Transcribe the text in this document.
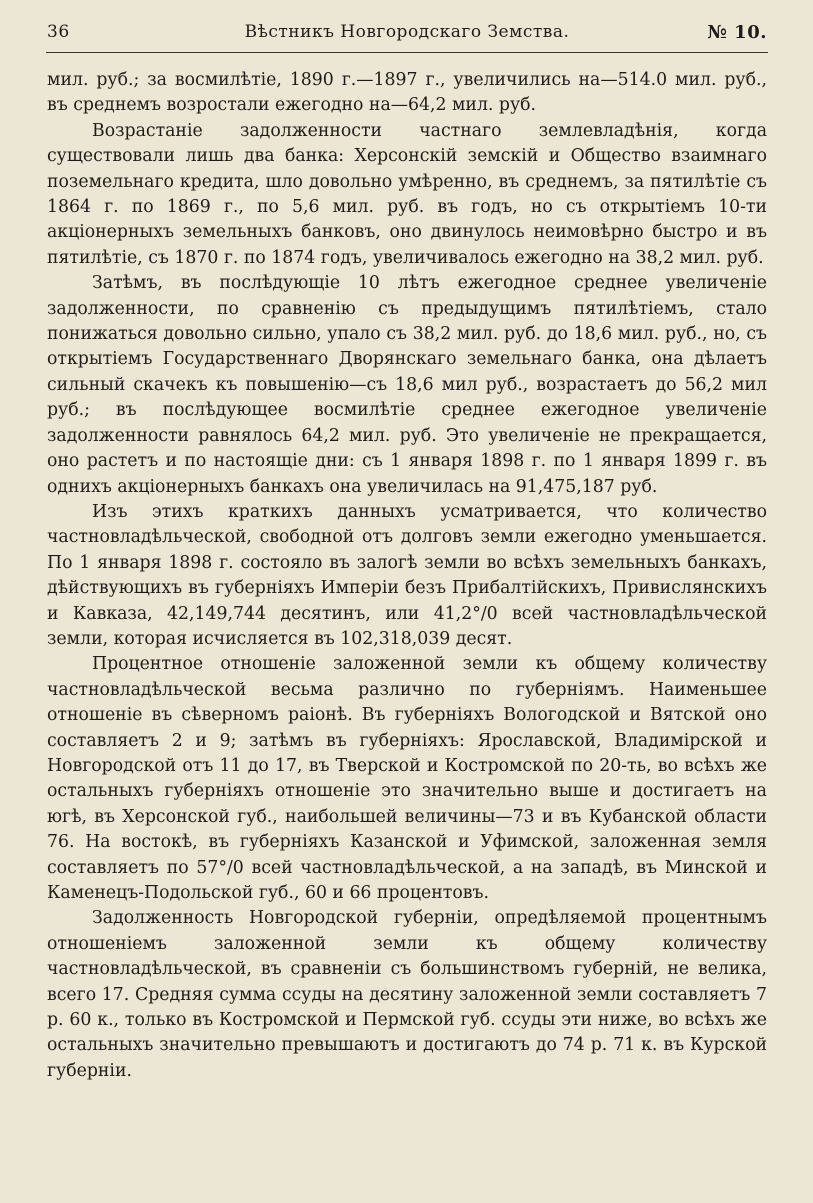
36	Вѣстникъ Новгородскаго Земства.	№ 10.

мил. руб.; за восмилѣтіе, 1890 г.—1897 г., увеличились на—514.0 мил. руб., въ среднемъ возростали ежегодно на—64,2 мил. руб.

Возрастаніе задолженности частнаго землевладѣнія, когда существовали лишь два банка: Херсонскій земскій и Общество взаимнаго поземельнаго кредита, шло довольно умѣренно, въ среднемъ, за пятилѣтіе съ 1864 г. по 1869 г., по 5,6 мил. руб. въ годъ, но съ открытіемъ 10-ти акціонерныхъ земельныхъ банковъ, оно двинулось неимовѣрно быстро и въ пятилѣтіе, съ 1870 г. по 1874 годъ, увеличивалось ежегодно на 38,2 мил. руб.

Затѣмъ, въ послѣдующіе 10 лѣтъ ежегодное среднее увеличеніе задолженности, по сравненію съ предыдущимъ пятилѣтіемъ, стало понижаться довольно сильно, упало съ 38,2 мил. руб. до 18,6 мил. руб., но, съ открытіемъ Государственнаго Дворянскаго земельнаго банка, она дѣлаетъ сильный скачекъ къ повышенію—съ 18,6 мил руб., возрастаетъ до 56,2 мил руб.; въ послѣдующее восмилѣтіе среднее ежегодное увеличеніе задолженности равнялось 64,2 мил. руб. Это увеличеніе не прекращается, оно растетъ и по настоящіе дни: съ 1 января 1898 г. по 1 января 1899 г. въ однихъ акціонерныхъ банкахъ она увеличилась на 91,475,187 руб.

Изъ этихъ краткихъ данныхъ усматривается, что количество частновладѣльческой, свободной отъ долговъ земли ежегодно уменьшается. По 1 января 1898 г. состояло въ залогѣ земли во всѣхъ земельныхъ банкахъ, дѣйствующихъ въ губерніяхъ Имперіи безъ Прибалтійскихъ, Привислянскихъ и Кавказа, 42,149,744 десятинъ, или 41,2°/0 всей частновладѣльческой земли, которая исчисляется въ 102,318,039 десят.

Процентное отношеніе заложенной земли къ общему количеству частновладѣльческой весьма различно по губерніямъ. Наименьшее отношеніе въ сѣверномъ раіонѣ. Въ губерніяхъ Вологодской и Вятской оно составляетъ 2 и 9; затѣмъ въ губерніяхъ: Ярославской, Владимірской и Новгородской отъ 11 до 17, въ Тверской и Костромской по 20-ть, во всѣхъ же остальныхъ губерніяхъ отношеніе это значительно выше и достигаетъ на югѣ, въ Херсонской губ., наибольшей величины—73 и въ Кубанской области 76. На востокѣ, въ губерніяхъ Казанской и Уфимской, заложенная земля составляетъ по 57°/0 всей частновладѣльческой, а на западѣ, въ Минской и Каменецъ-Подольской губ., 60 и 66 процентовъ.

Задолженность Новгородской губерніи, опредѣляемой процентнымъ отношеніемъ заложенной земли къ общему количеству частновладѣльческой, въ сравненіи съ большинствомъ губерній, не велика, всего 17. Средняя сумма ссуды на десятину заложенной земли составляетъ 7 р. 60 к., только въ Костромской и Пермской губ. ссуды эти ниже, во всѣхъ же остальныхъ значительно превышаютъ и достигаютъ до 74 р. 71 к. въ Курской губерніи.
